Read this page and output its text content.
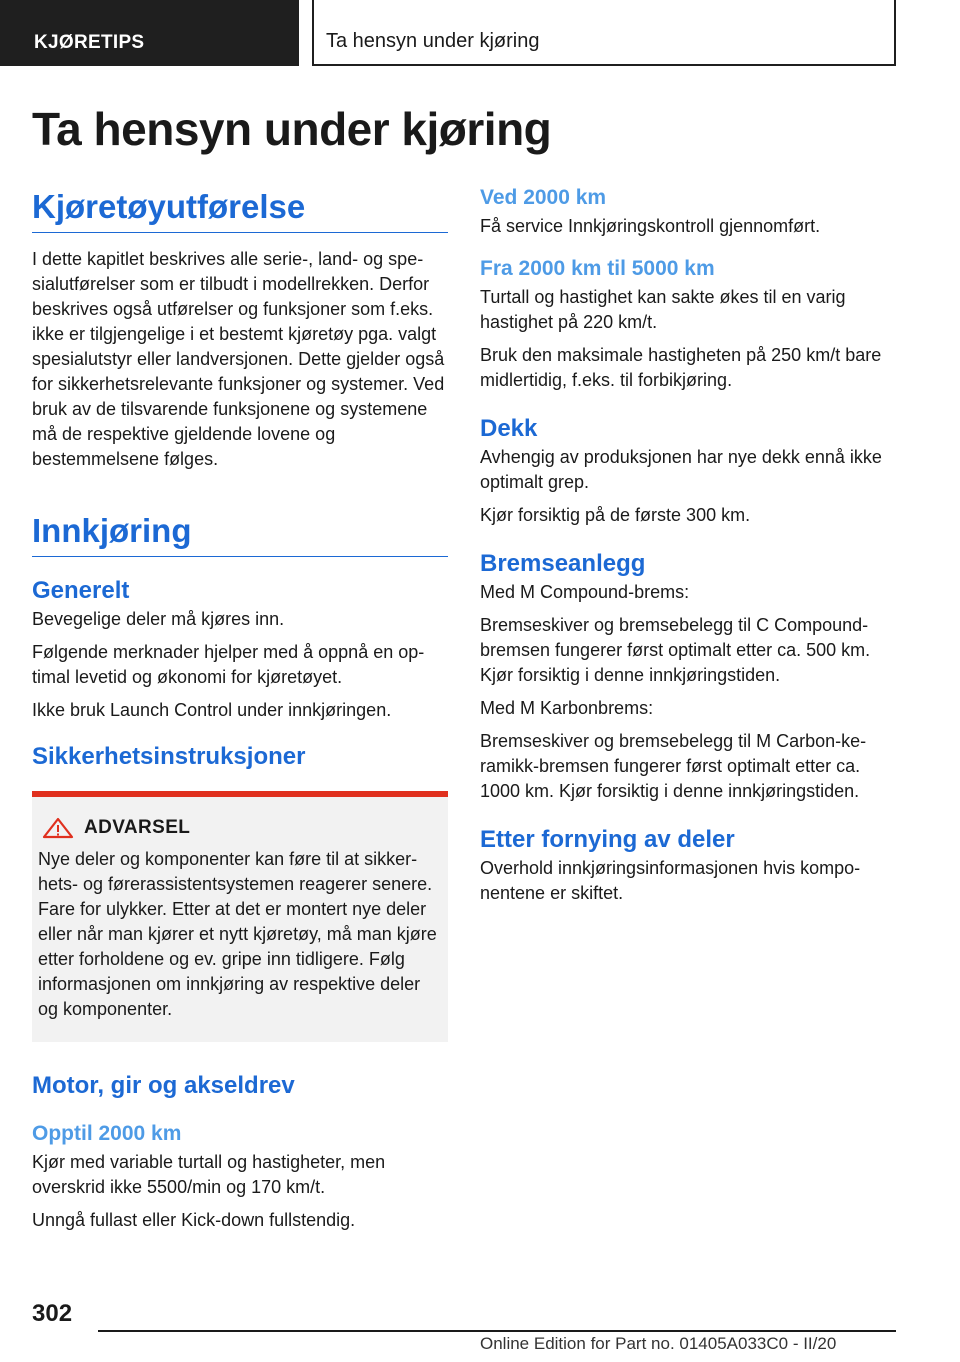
KJØRETIPS	Ta hensyn under kjøring
Ta hensyn under kjøring
Kjøretøyutførelse

I dette kapitlet beskrives alle serie-, land- og spesialutførelser som er tilbudt i modellrekken. Derfor beskrives også utførelser og funksjoner som f.eks. ikke er tilgjengelige i et bestemt kjøretøy pga. valgt spesialutstyr eller landversjonen. Dette gjelder også for sikkerhetsrelevante funksjoner og systemer. Ved bruk av de tilsvarende funksjonene og systemene må de respektive gjeldende lovene og bestemmelsene følges.

Innkjøring
Generelt

Bevegelige deler må kjøres inn.

Følgende merknader hjelper med å oppnå en optimal levetid og økonomi for kjøretøyet.

Ikke bruk Launch Control under innkjøringen.

Sikkerhetsinstruksjoner
ADVARSEL

Nye deler og komponenter kan føre til at sikkerhets- og førerassistentsystemen reagerer senere. Fare for ulykker. Etter at det er montert nye deler eller når man kjører et nytt kjøretøy, må man kjøre etter forholdene og ev. gripe inn tidligere. Følg informasjonen om innkjøring av respektive deler og komponenter.

Motor, gir og akseldrev
Opptil 2000 km

Kjør med variable turtall og hastigheter, men overskrid ikke 5500/min og 170 km/t.

Unngå fullast eller Kick-down fullstendig.

Ved 2000 km

Få service Innkjøringskontroll gjennomført.

Fra 2000 km til 5000 km

Turtall og hastighet kan sakte økes til en varig hastighet på 220 km/t.

Bruk den maksimale hastigheten på 250 km/t bare midlertidig, f.eks. til forbikjøring.

Dekk

Avhengig av produksjonen har nye dekk ennå ikke optimalt grep.

Kjør forsiktig på de første 300 km.

Bremseanlegg

Med M Compound-brems:

Bremseskiver og bremsebelegg til C Compound-bremsen fungerer først optimalt etter ca. 500 km. Kjør forsiktig i denne innkjøringstiden.

Med M Karbonbrems:

Bremseskiver og bremsebelegg til M Carbon-keramikk-bremsen fungerer først optimalt etter ca. 1000 km. Kjør forsiktig i denne innkjøringstiden.

Etter fornying av deler

Overhold innkjøringsinformasjonen hvis komponentene er skiftet.

302
Online Edition for Part no. 01405A033C0 - II/20
